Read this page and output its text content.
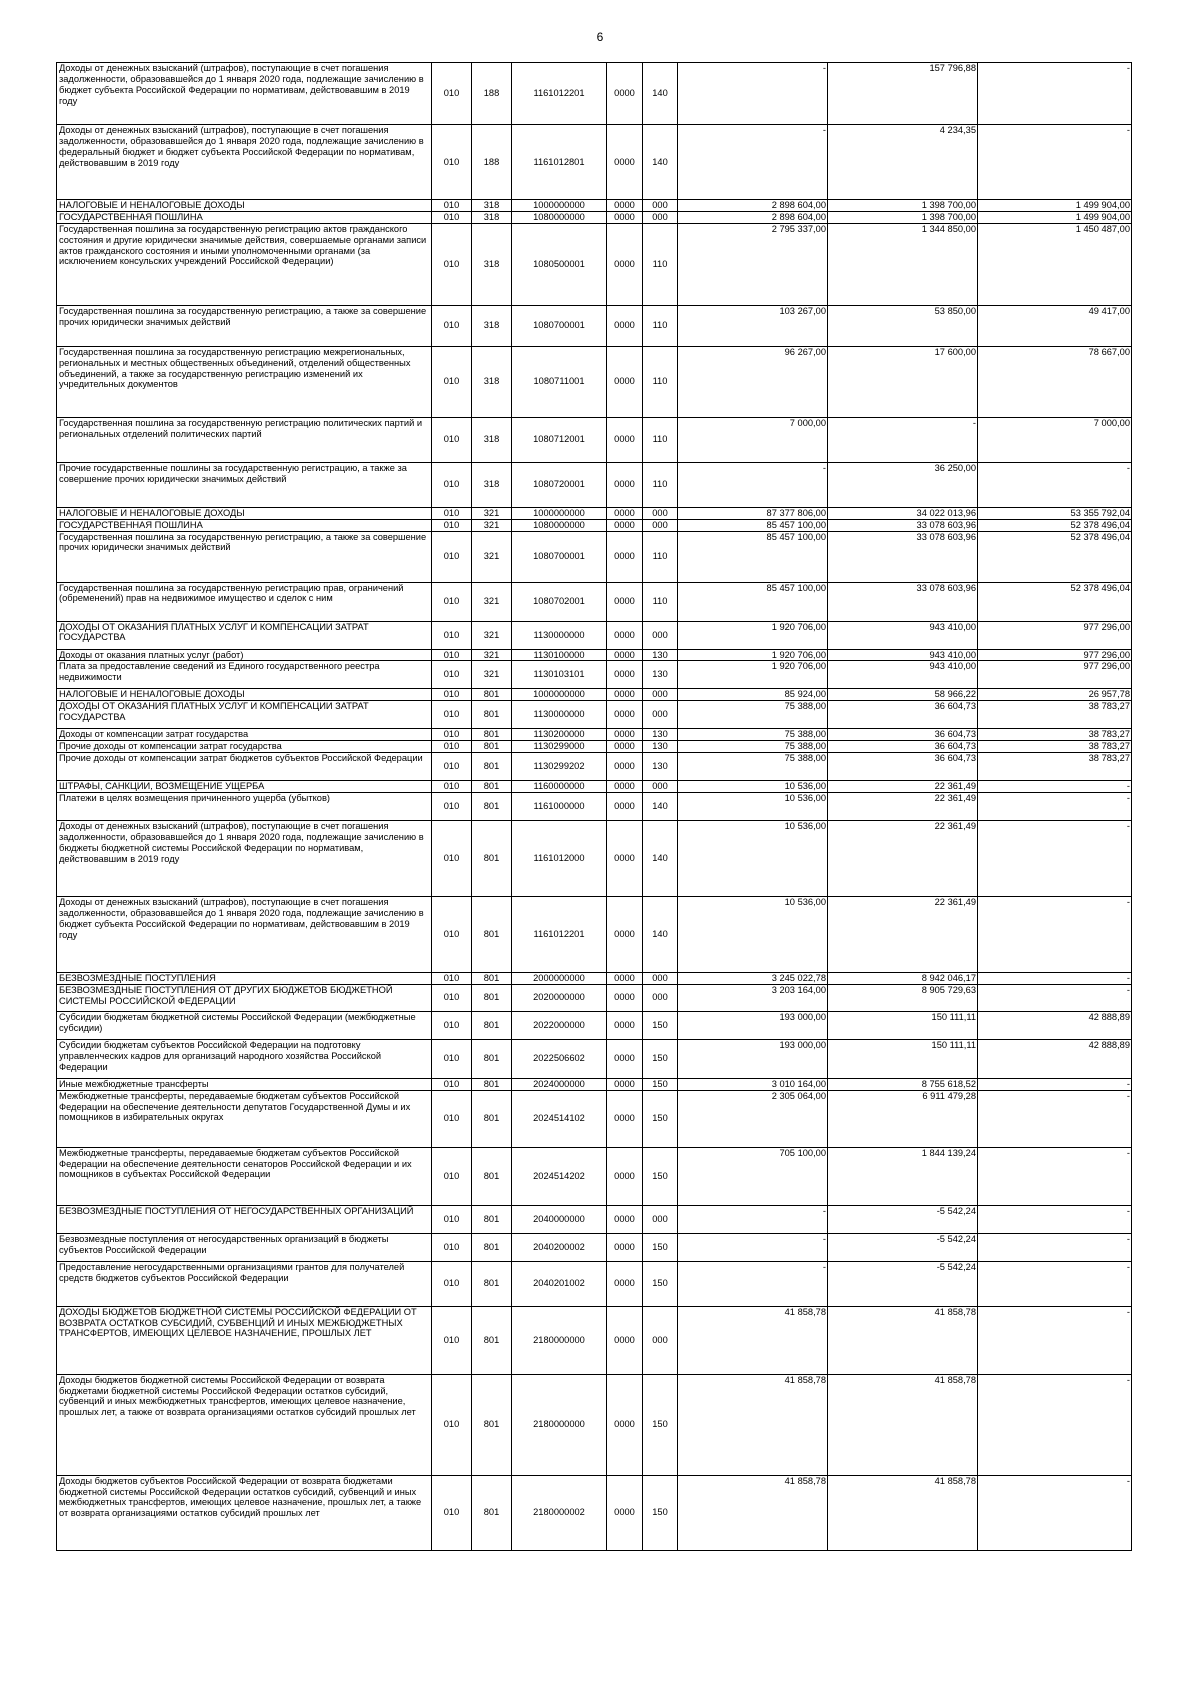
6
Доходы от денежных взысканий (штрафов), поступающие в счет погашения задолженности, образовавшейся до 1 января 2020 года, подлежащие зачислению в бюджет субъекта Российской Федерации по нормативам, действовавшим в 2019 году	010	188	1161012201	0000	140	-	157 796,88	-
Доходы от денежных взысканий (штрафов), поступающие в счет погашения задолженности, образовавшейся до 1 января 2020 года, подлежащие зачислению в федеральный бюджет и бюджет субъекта Российской Федерации по нормативам, действовавшим в 2019 году	010	188	1161012801	0000	140	-	4 234,35	-
НАЛОГОВЫЕ И НЕНАЛОГОВЫЕ ДОХОДЫ	010	318	1000000000	0000	000	2 898 604,00	1 398 700,00	1 499 904,00
ГОСУДАРСТВЕННАЯ ПОШЛИНА	010	318	1080000000	0000	000	2 898 604,00	1 398 700,00	1 499 904,00
Государственная пошлина за государственную регистрацию актов гражданского состояния и другие юридически значимые действия, совершаемые органами записи актов гражданского состояния и иными уполномоченными органами (за исключением консульских учреждений Российской Федерации)	010	318	1080500001	0000	110	2 795 337,00	1 344 850,00	1 450 487,00
Государственная пошлина за государственную регистрацию, а также за совершение прочих юридически значимых действий	010	318	1080700001	0000	110	103 267,00	53 850,00	49 417,00
Государственная пошлина за государственную регистрацию межрегиональных, региональных и местных общественных объединений, отделений общественных объединений, а также за государственную регистрацию изменений их учредительных документов	010	318	1080711001	0000	110	96 267,00	17 600,00	78 667,00
Государственная пошлина за государственную регистрацию политических партий и региональных отделений политических партий	010	318	1080712001	0000	110	7 000,00	-	7 000,00
Прочие государственные пошлины за государственную регистрацию, а также за совершение прочих юридически значимых действий	010	318	1080720001	0000	110	-	36 250,00	-
НАЛОГОВЫЕ И НЕНАЛОГОВЫЕ ДОХОДЫ	010	321	1000000000	0000	000	87 377 806,00	34 022 013,96	53 355 792,04
ГОСУДАРСТВЕННАЯ ПОШЛИНА	010	321	1080000000	0000	000	85 457 100,00	33 078 603,96	52 378 496,04
Государственная пошлина за государственную регистрацию, а также за совершение прочих юридически значимых действий	010	321	1080700001	0000	110	85 457 100,00	33 078 603,96	52 378 496,04
Государственная пошлина за государственную регистрацию прав, ограничений (обременений) прав на недвижимое имущество и сделок с ним	010	321	1080702001	0000	110	85 457 100,00	33 078 603,96	52 378 496,04
ДОХОДЫ ОТ ОКАЗАНИЯ ПЛАТНЫХ УСЛУГ И КОМПЕНСАЦИИ ЗАТРАТ ГОСУДАРСТВА	010	321	1130000000	0000	000	1 920 706,00	943 410,00	977 296,00
Доходы от оказания платных услуг (работ)	010	321	1130100000	0000	130	1 920 706,00	943 410,00	977 296,00
Плата за предоставление сведений из Единого государственного реестра недвижимости	010	321	1130103101	0000	130	1 920 706,00	943 410,00	977 296,00
НАЛОГОВЫЕ И НЕНАЛОГОВЫЕ ДОХОДЫ	010	801	1000000000	0000	000	85 924,00	58 966,22	26 957,78
ДОХОДЫ ОТ ОКАЗАНИЯ ПЛАТНЫХ УСЛУГ И КОМПЕНСАЦИИ ЗАТРАТ ГОСУДАРСТВА	010	801	1130000000	0000	000	75 388,00	36 604,73	38 783,27
Доходы от компенсации затрат государства	010	801	1130200000	0000	130	75 388,00	36 604,73	38 783,27
Прочие доходы от компенсации затрат государства	010	801	1130299000	0000	130	75 388,00	36 604,73	38 783,27
Прочие доходы от компенсации затрат бюджетов субъектов Российской Федерации	010	801	1130299202	0000	130	75 388,00	36 604,73	38 783,27
ШТРАФЫ, САНКЦИИ, ВОЗМЕЩЕНИЕ УЩЕРБА	010	801	1160000000	0000	000	10 536,00	22 361,49	-
Платежи в целях возмещения причиненного ущерба (убытков)	010	801	1161000000	0000	140	10 536,00	22 361,49	-
Доходы от денежных взысканий (штрафов), поступающие в счет погашения задолженности, образовавшейся до 1 января 2020 года, подлежащие зачислению в бюджеты бюджетной системы Российской Федерации по нормативам, действовавшим в 2019 году	010	801	1161012000	0000	140	10 536,00	22 361,49	-
Доходы от денежных взысканий (штрафов), поступающие в счет погашения задолженности, образовавшейся до 1 января 2020 года, подлежащие зачислению в бюджет субъекта Российской Федерации по нормативам, действовавшим в 2019 году	010	801	1161012201	0000	140	10 536,00	22 361,49	-
БЕЗВОЗМЕЗДНЫЕ ПОСТУПЛЕНИЯ	010	801	2000000000	0000	000	3 245 022,78	8 942 046,17	-
БЕЗВОЗМЕЗДНЫЕ ПОСТУПЛЕНИЯ ОТ ДРУГИХ БЮДЖЕТОВ БЮДЖЕТНОЙ СИСТЕМЫ РОССИЙСКОЙ ФЕДЕРАЦИИ	010	801	2020000000	0000	000	3 203 164,00	8 905 729,63	-
Субсидии бюджетам бюджетной системы Российской Федерации (межбюджетные субсидии)	010	801	2022000000	0000	150	193 000,00	150 111,11	42 888,89
Субсидии бюджетам субъектов Российской Федерации на подготовку управленческих кадров для организаций народного хозяйства Российской Федерации	010	801	2022506602	0000	150	193 000,00	150 111,11	42 888,89
Иные межбюджетные трансферты	010	801	2024000000	0000	150	3 010 164,00	8 755 618,52	-
Межбюджетные трансферты, передаваемые бюджетам субъектов Российской Федерации на обеспечение деятельности депутатов Государственной Думы и их помощников в избирательных округах	010	801	2024514102	0000	150	2 305 064,00	6 911 479,28	-
Межбюджетные трансферты, передаваемые бюджетам субъектов Российской Федерации на обеспечение деятельности сенаторов Российской Федерации и их помощников в субъектах Российской Федерации	010	801	2024514202	0000	150	705 100,00	1 844 139,24	-
БЕЗВОЗМЕЗДНЫЕ ПОСТУПЛЕНИЯ ОТ НЕГОСУДАРСТВЕННЫХ ОРГАНИЗАЦИЙ	010	801	2040000000	0000	000	-	-5 542,24	-
Безвозмездные поступления от негосударственных организаций в бюджеты субъектов Российской Федерации	010	801	2040200002	0000	150	-	-5 542,24	-
Предоставление негосударственными организациями грантов для получателей средств бюджетов субъектов Российской Федерации	010	801	2040201002	0000	150	-	-5 542,24	-
ДОХОДЫ БЮДЖЕТОВ БЮДЖЕТНОЙ СИСТЕМЫ РОССИЙСКОЙ ФЕДЕРАЦИИ ОТ ВОЗВРАТА ОСТАТКОВ СУБСИДИЙ, СУБВЕНЦИЙ И ИНЫХ МЕЖБЮДЖЕТНЫХ ТРАНСФЕРТОВ, ИМЕЮЩИХ ЦЕЛЕВОЕ НАЗНАЧЕНИЕ, ПРОШЛЫХ ЛЕТ	010	801	2180000000	0000	000	41 858,78	41 858,78	-
Доходы бюджетов бюджетной системы Российской Федерации от возврата бюджетами бюджетной системы Российской Федерации остатков субсидий, субвенций и иных межбюджетных трансфертов, имеющих целевое назначение, прошлых лет, а также от возврата организациями остатков субсидий прошлых лет	010	801	2180000000	0000	150	41 858,78	41 858,78	-
Доходы бюджетов субъектов Российской Федерации от возврата бюджетами бюджетной системы Российской Федерации остатков субсидий, субвенций и иных межбюджетных трансфертов, имеющих целевое назначение, прошлых лет, а также от возврата организациями остатков субсидий прошлых лет	010	801	2180000002	0000	150	41 858,78	41 858,78	-
